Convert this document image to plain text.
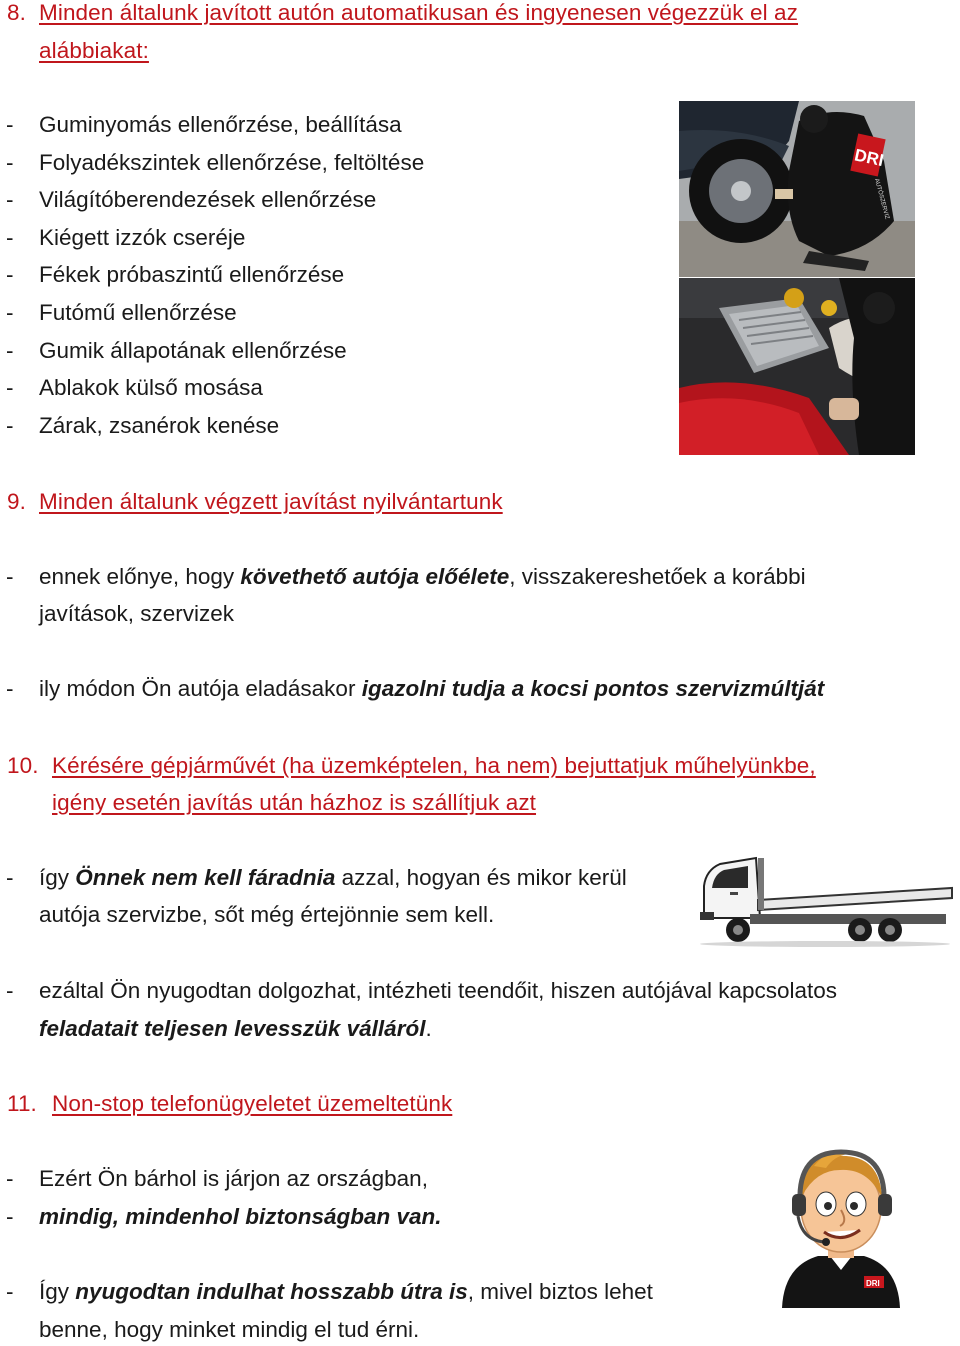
8. Minden általunk javított autón automatikusan és ingyenesen végezzük el az
alábbiakat:
- Guminyomás ellenőrzése, beállítása
- Folyadékszintek ellenőrzése, feltöltése
- Világítóberendezések ellenőrzése
- Kiégett izzók cseréje
- Fékek próbaszintű ellenőrzése
- Futómű ellenőrzése
- Gumik állapotának ellenőrzése
- Ablakok külső mosása
- Zárak, zsanérok kenése
DRI
AUTÓSZERVIZ
9. Minden általunk végzett javítást nyilvántartunk
- ennek előnye, hogy követhető autója előélete, visszakereshetőek a korábbi
javítások, szervizek
- ily módon Ön autója eladásakor igazolni tudja a kocsi pontos szervizmúltját
10. Kérésére gépjárművét (ha üzemképtelen, ha nem) bejuttatjuk műhelyünkbe,
igény esetén javítás után házhoz is szállítjuk azt
- így Önnek nem kell fáradnia azzal, hogyan és mikor kerül
autója szervizbe, sőt még értejönnie sem kell.
- ezáltal Ön nyugodtan dolgozhat, intézheti teendőit, hiszen autójával kapcsolatos
feladatait teljesen levesszük válláról.
11. Non-stop telefonügyeletet üzemeltetünk
- Ezért Ön bárhol is járjon az országban,
- mindig, mindenhol biztonságban van.
- Így nyugodtan indulhat hosszabb útra is, mivel biztos lehet
benne, hogy minket mindig el tud érni.
DRI
